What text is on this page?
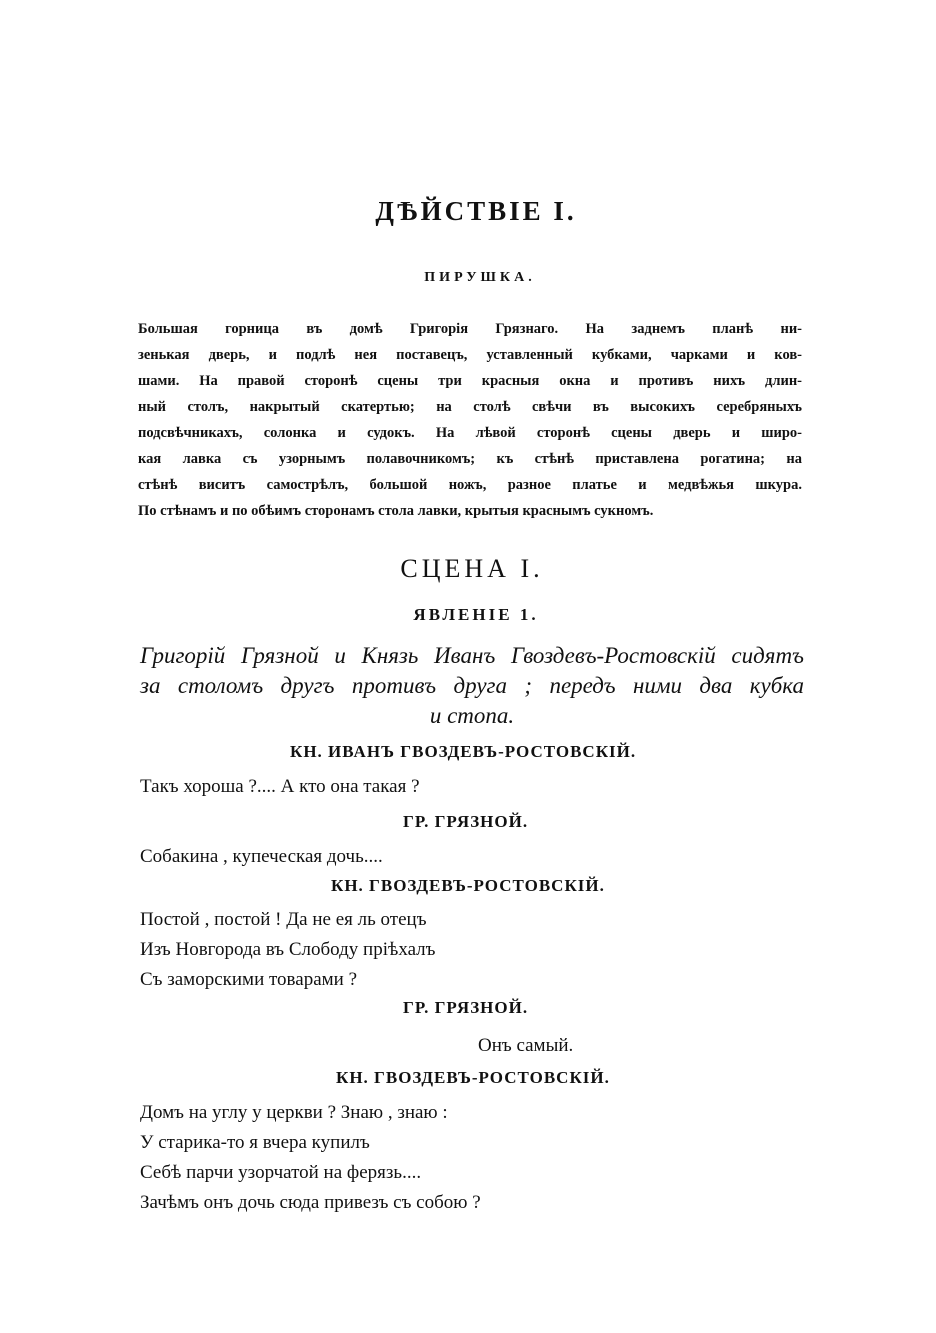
ДѢЙСТВІЕ I.
ПИРУШКА.
Большая горница въ домѣ Григорія Грязнаго. На заднемъ планѣ ни-
зенькая дверь, и подлѣ нея поставецъ, уставленный кубками, чарками и ков-
шами. На правой сторонѣ сцены три красныя окна и противъ нихъ длин-
ный столъ, накрытый скатертью; на столѣ свѣчи въ высокихъ серебряныхъ
подсвѣчникахъ, солонка и судокъ. На лѣвой сторонѣ сцены дверь и широ-
кая лавка съ узорнымъ полавочникомъ; къ стѣнѣ приставлена рогатина; на
стѣнѣ виситъ самострѣлъ, большой ножъ, разное платье и медвѣжья шкура.
По стѣнамъ и по обѣимъ сторонамъ стола лавки, крытыя краснымъ сукномъ.
СЦЕНА I.
ЯВЛЕНІЕ 1.
Григорій Грязной и Князь Иванъ Гвоздевъ-Ростовскій сидятъ
за столомъ другъ противъ друга ; передъ ними два кубка
и стопа.
КН. ИВАНЪ ГВОЗДЕВЪ-РОСТОВСКІЙ.
Такъ хороша ?.... А кто она такая ?
ГР. ГРЯЗНОЙ.
Собакина , купеческая дочь....
КН. ГВОЗДЕВЪ-РОСТОВСКІЙ.
Постой , постой ! Да не ея ль отецъ
Изъ Новгорода въ Слободу пріѣхалъ
Съ заморскими товарами ?
ГР. ГРЯЗНОЙ.
Онъ самый.
КН. ГВОЗДЕВЪ-РОСТОВСКІЙ.
Домъ на углу у церкви ? Знаю , знаю :
У старика-то я вчера купилъ
Себѣ парчи узорчатой на ферязь....
Зачѣмъ онъ дочь сюда привезъ съ собою ?
